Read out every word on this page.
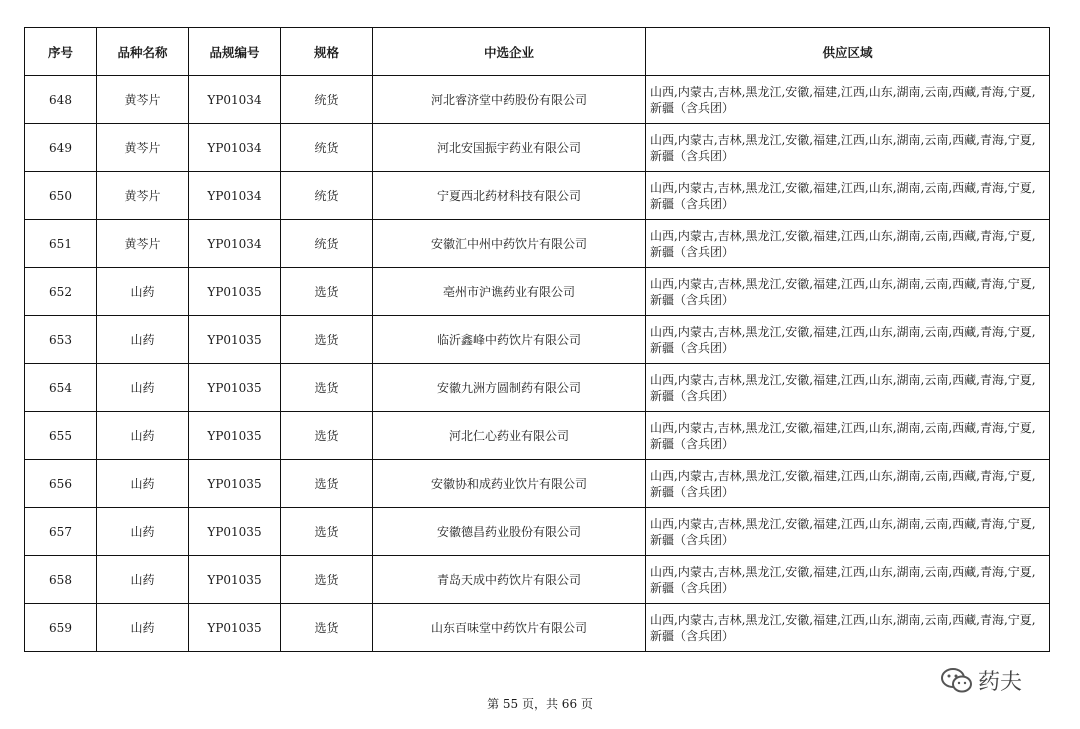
序号	品种名称	品规编号	规格	中选企业	供应区域
648	黄芩片	YP01034	统货	河北睿济堂中药股份有限公司	山西,内蒙古,吉林,黑龙江,安徽,福建,江西,山东,湖南,云南,西藏,青海,宁夏,新疆（含兵团）
649	黄芩片	YP01034	统货	河北安国振宇药业有限公司	山西,内蒙古,吉林,黑龙江,安徽,福建,江西,山东,湖南,云南,西藏,青海,宁夏,新疆（含兵团）
650	黄芩片	YP01034	统货	宁夏西北药材科技有限公司	山西,内蒙古,吉林,黑龙江,安徽,福建,江西,山东,湖南,云南,西藏,青海,宁夏,新疆（含兵团）
651	黄芩片	YP01034	统货	安徽汇中州中药饮片有限公司	山西,内蒙古,吉林,黑龙江,安徽,福建,江西,山东,湖南,云南,西藏,青海,宁夏,新疆（含兵团）
652	山药	YP01035	选货	亳州市沪谯药业有限公司	山西,内蒙古,吉林,黑龙江,安徽,福建,江西,山东,湖南,云南,西藏,青海,宁夏,新疆（含兵团）
653	山药	YP01035	选货	临沂鑫峰中药饮片有限公司	山西,内蒙古,吉林,黑龙江,安徽,福建,江西,山东,湖南,云南,西藏,青海,宁夏,新疆（含兵团）
654	山药	YP01035	选货	安徽九洲方圆制药有限公司	山西,内蒙古,吉林,黑龙江,安徽,福建,江西,山东,湖南,云南,西藏,青海,宁夏,新疆（含兵团）
655	山药	YP01035	选货	河北仁心药业有限公司	山西,内蒙古,吉林,黑龙江,安徽,福建,江西,山东,湖南,云南,西藏,青海,宁夏,新疆（含兵团）
656	山药	YP01035	选货	安徽协和成药业饮片有限公司	山西,内蒙古,吉林,黑龙江,安徽,福建,江西,山东,湖南,云南,西藏,青海,宁夏,新疆（含兵团）
657	山药	YP01035	选货	安徽德昌药业股份有限公司	山西,内蒙古,吉林,黑龙江,安徽,福建,江西,山东,湖南,云南,西藏,青海,宁夏,新疆（含兵团）
658	山药	YP01035	选货	青岛天成中药饮片有限公司	山西,内蒙古,吉林,黑龙江,安徽,福建,江西,山东,湖南,云南,西藏,青海,宁夏,新疆（含兵团）
659	山药	YP01035	选货	山东百味堂中药饮片有限公司	山西,内蒙古,吉林,黑龙江,安徽,福建,江西,山东,湖南,云南,西藏,青海,宁夏,新疆（含兵团）
第 55 页，共 66 页
药夫
